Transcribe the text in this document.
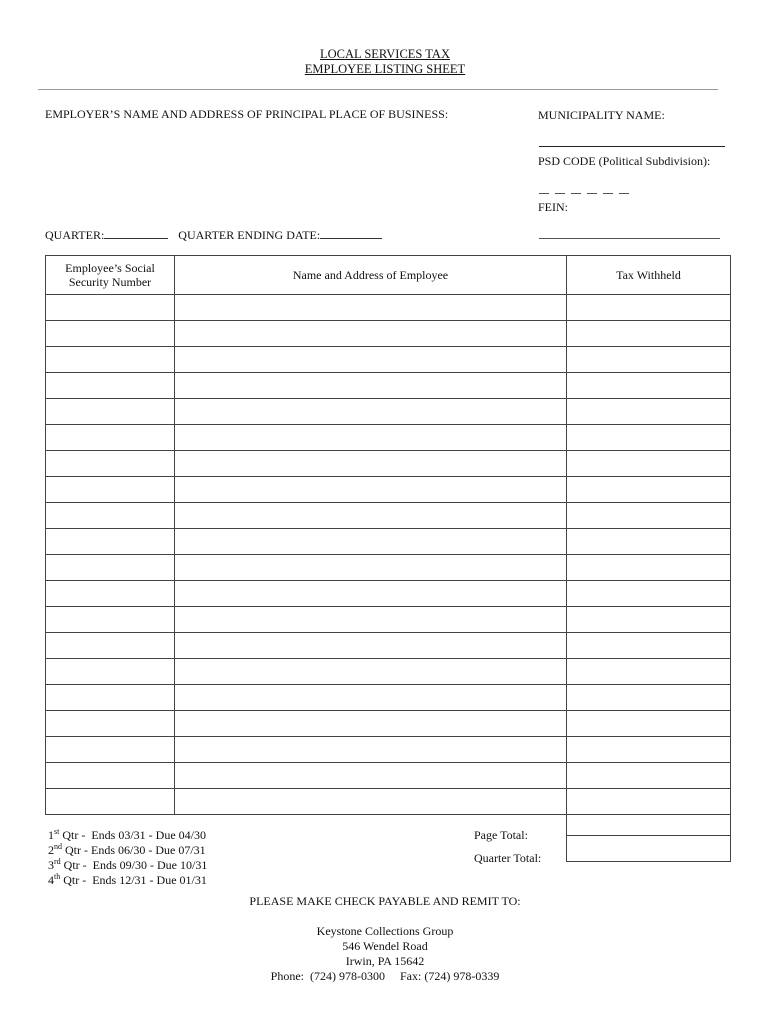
LOCAL SERVICES TAX
EMPLOYEE LISTING SHEET
EMPLOYER’S NAME AND ADDRESS OF PRINCIPAL PLACE OF BUSINESS:	MUNICIPALITY NAME:
PSD CODE (Political Subdivision):
FEIN:
QUARTER:	QUARTER ENDING DATE:
Employee’s Social
Security Number	Name and Address of Employee	Tax Withheld

Page Total:
Quarter Total:
1st Qtr -  Ends 03/31 - Due 04/30
2nd Qtr - Ends 06/30 - Due 07/31
3rd Qtr -  Ends 09/30 - Due 10/31
4th Qtr -  Ends 12/31 - Due 01/31
PLEASE MAKE CHECK PAYABLE AND REMIT TO:
Keystone Collections Group
546 Wendel Road
Irwin, PA 15642
Phone:  (724) 978-0300     Fax: (724) 978-0339
